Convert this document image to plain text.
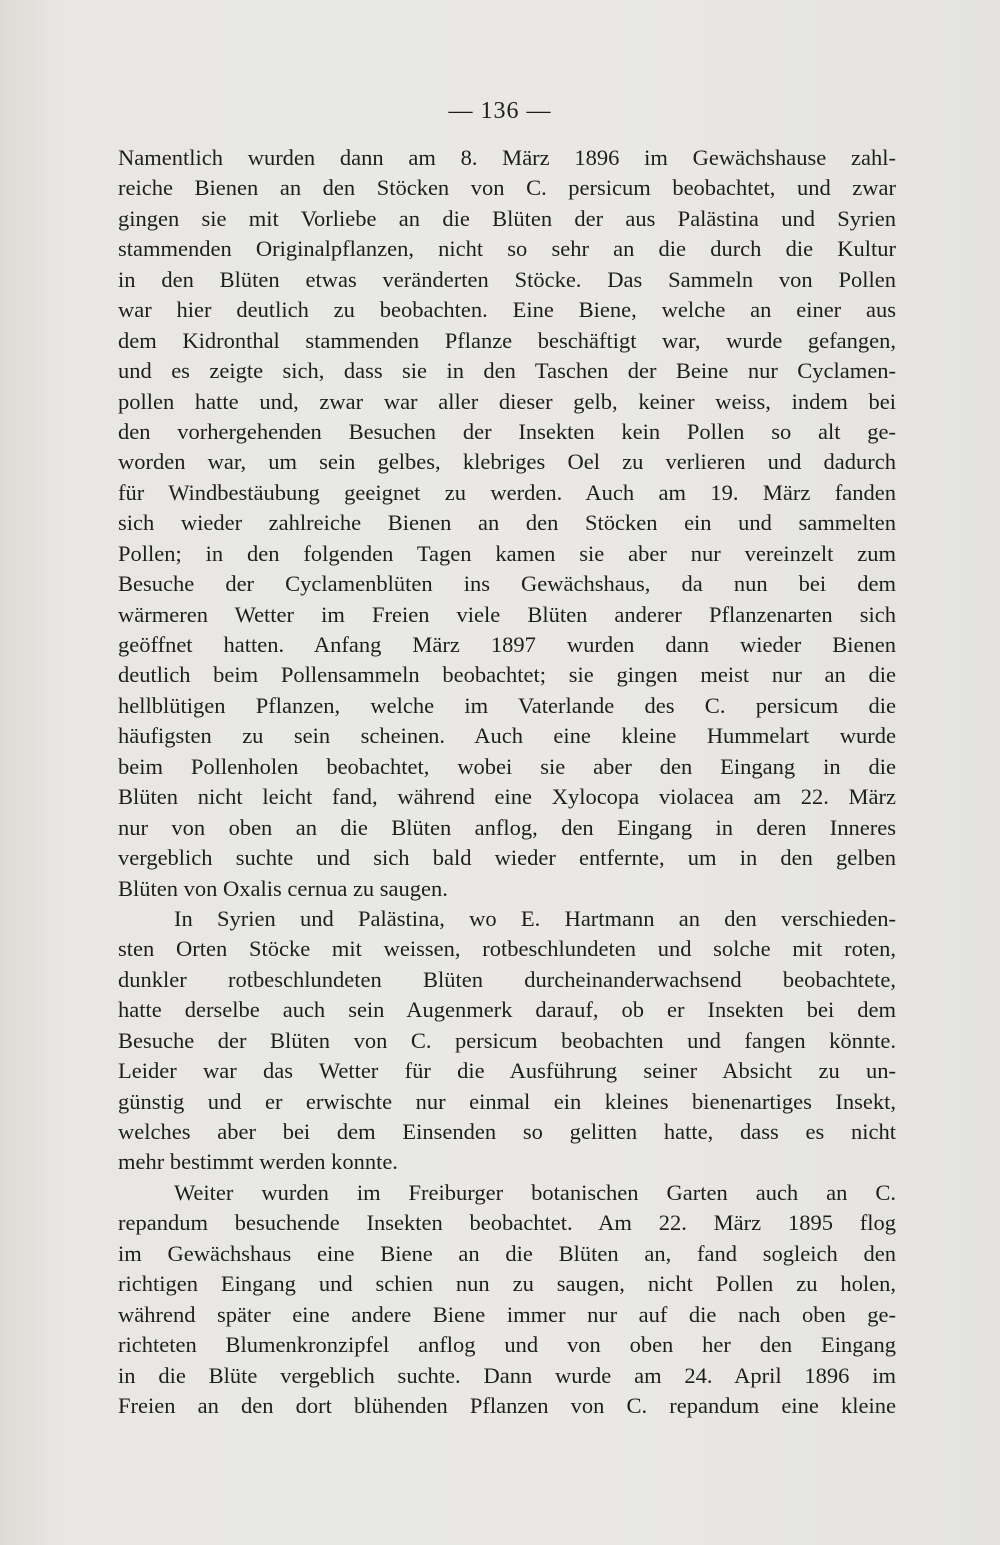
— 136 —
Namentlich wurden dann am 8. März 1896 im Gewächshause zahl-
reiche Bienen an den Stöcken von C. persicum beobachtet, und zwar
gingen sie mit Vorliebe an die Blüten der aus Palästina und Syrien
stammenden Originalpflanzen, nicht so sehr an die durch die Kultur
in den Blüten etwas veränderten Stöcke. Das Sammeln von Pollen
war hier deutlich zu beobachten. Eine Biene, welche an einer aus
dem Kidronthal stammenden Pflanze beschäftigt war, wurde gefangen,
und es zeigte sich, dass sie in den Taschen der Beine nur Cyclamen-
pollen hatte und, zwar war aller dieser gelb, keiner weiss, indem bei
den vorhergehenden Besuchen der Insekten kein Pollen so alt ge-
worden war, um sein gelbes, klebriges Oel zu verlieren und dadurch
für Windbestäubung geeignet zu werden. Auch am 19. März fanden
sich wieder zahlreiche Bienen an den Stöcken ein und sammelten
Pollen; in den folgenden Tagen kamen sie aber nur vereinzelt zum
Besuche der Cyclamenblüten ins Gewächshaus, da nun bei dem
wärmeren Wetter im Freien viele Blüten anderer Pflanzenarten sich
geöffnet hatten. Anfang März 1897 wurden dann wieder Bienen
deutlich beim Pollensammeln beobachtet; sie gingen meist nur an die
hellblütigen Pflanzen, welche im Vaterlande des C. persicum die
häufigsten zu sein scheinen. Auch eine kleine Hummelart wurde
beim Pollenholen beobachtet, wobei sie aber den Eingang in die
Blüten nicht leicht fand, während eine Xylocopa violacea am 22. März
nur von oben an die Blüten anflog, den Eingang in deren Inneres
vergeblich suchte und sich bald wieder entfernte, um in den gelben
Blüten von Oxalis cernua zu saugen.
In Syrien und Palästina, wo E. Hartmann an den verschieden-
sten Orten Stöcke mit weissen, rotbeschlundeten und solche mit roten,
dunkler rotbeschlundeten Blüten durcheinanderwachsend beobachtete,
hatte derselbe auch sein Augenmerk darauf, ob er Insekten bei dem
Besuche der Blüten von C. persicum beobachten und fangen könnte.
Leider war das Wetter für die Ausführung seiner Absicht zu un-
günstig und er erwischte nur einmal ein kleines bienenartiges Insekt,
welches aber bei dem Einsenden so gelitten hatte, dass es nicht
mehr bestimmt werden konnte.
Weiter wurden im Freiburger botanischen Garten auch an C.
repandum besuchende Insekten beobachtet. Am 22. März 1895 flog
im Gewächshaus eine Biene an die Blüten an, fand sogleich den
richtigen Eingang und schien nun zu saugen, nicht Pollen zu holen,
während später eine andere Biene immer nur auf die nach oben ge-
richteten Blumenkronzipfel anflog und von oben her den Eingang
in die Blüte vergeblich suchte. Dann wurde am 24. April 1896 im
Freien an den dort blühenden Pflanzen von C. repandum eine kleine
